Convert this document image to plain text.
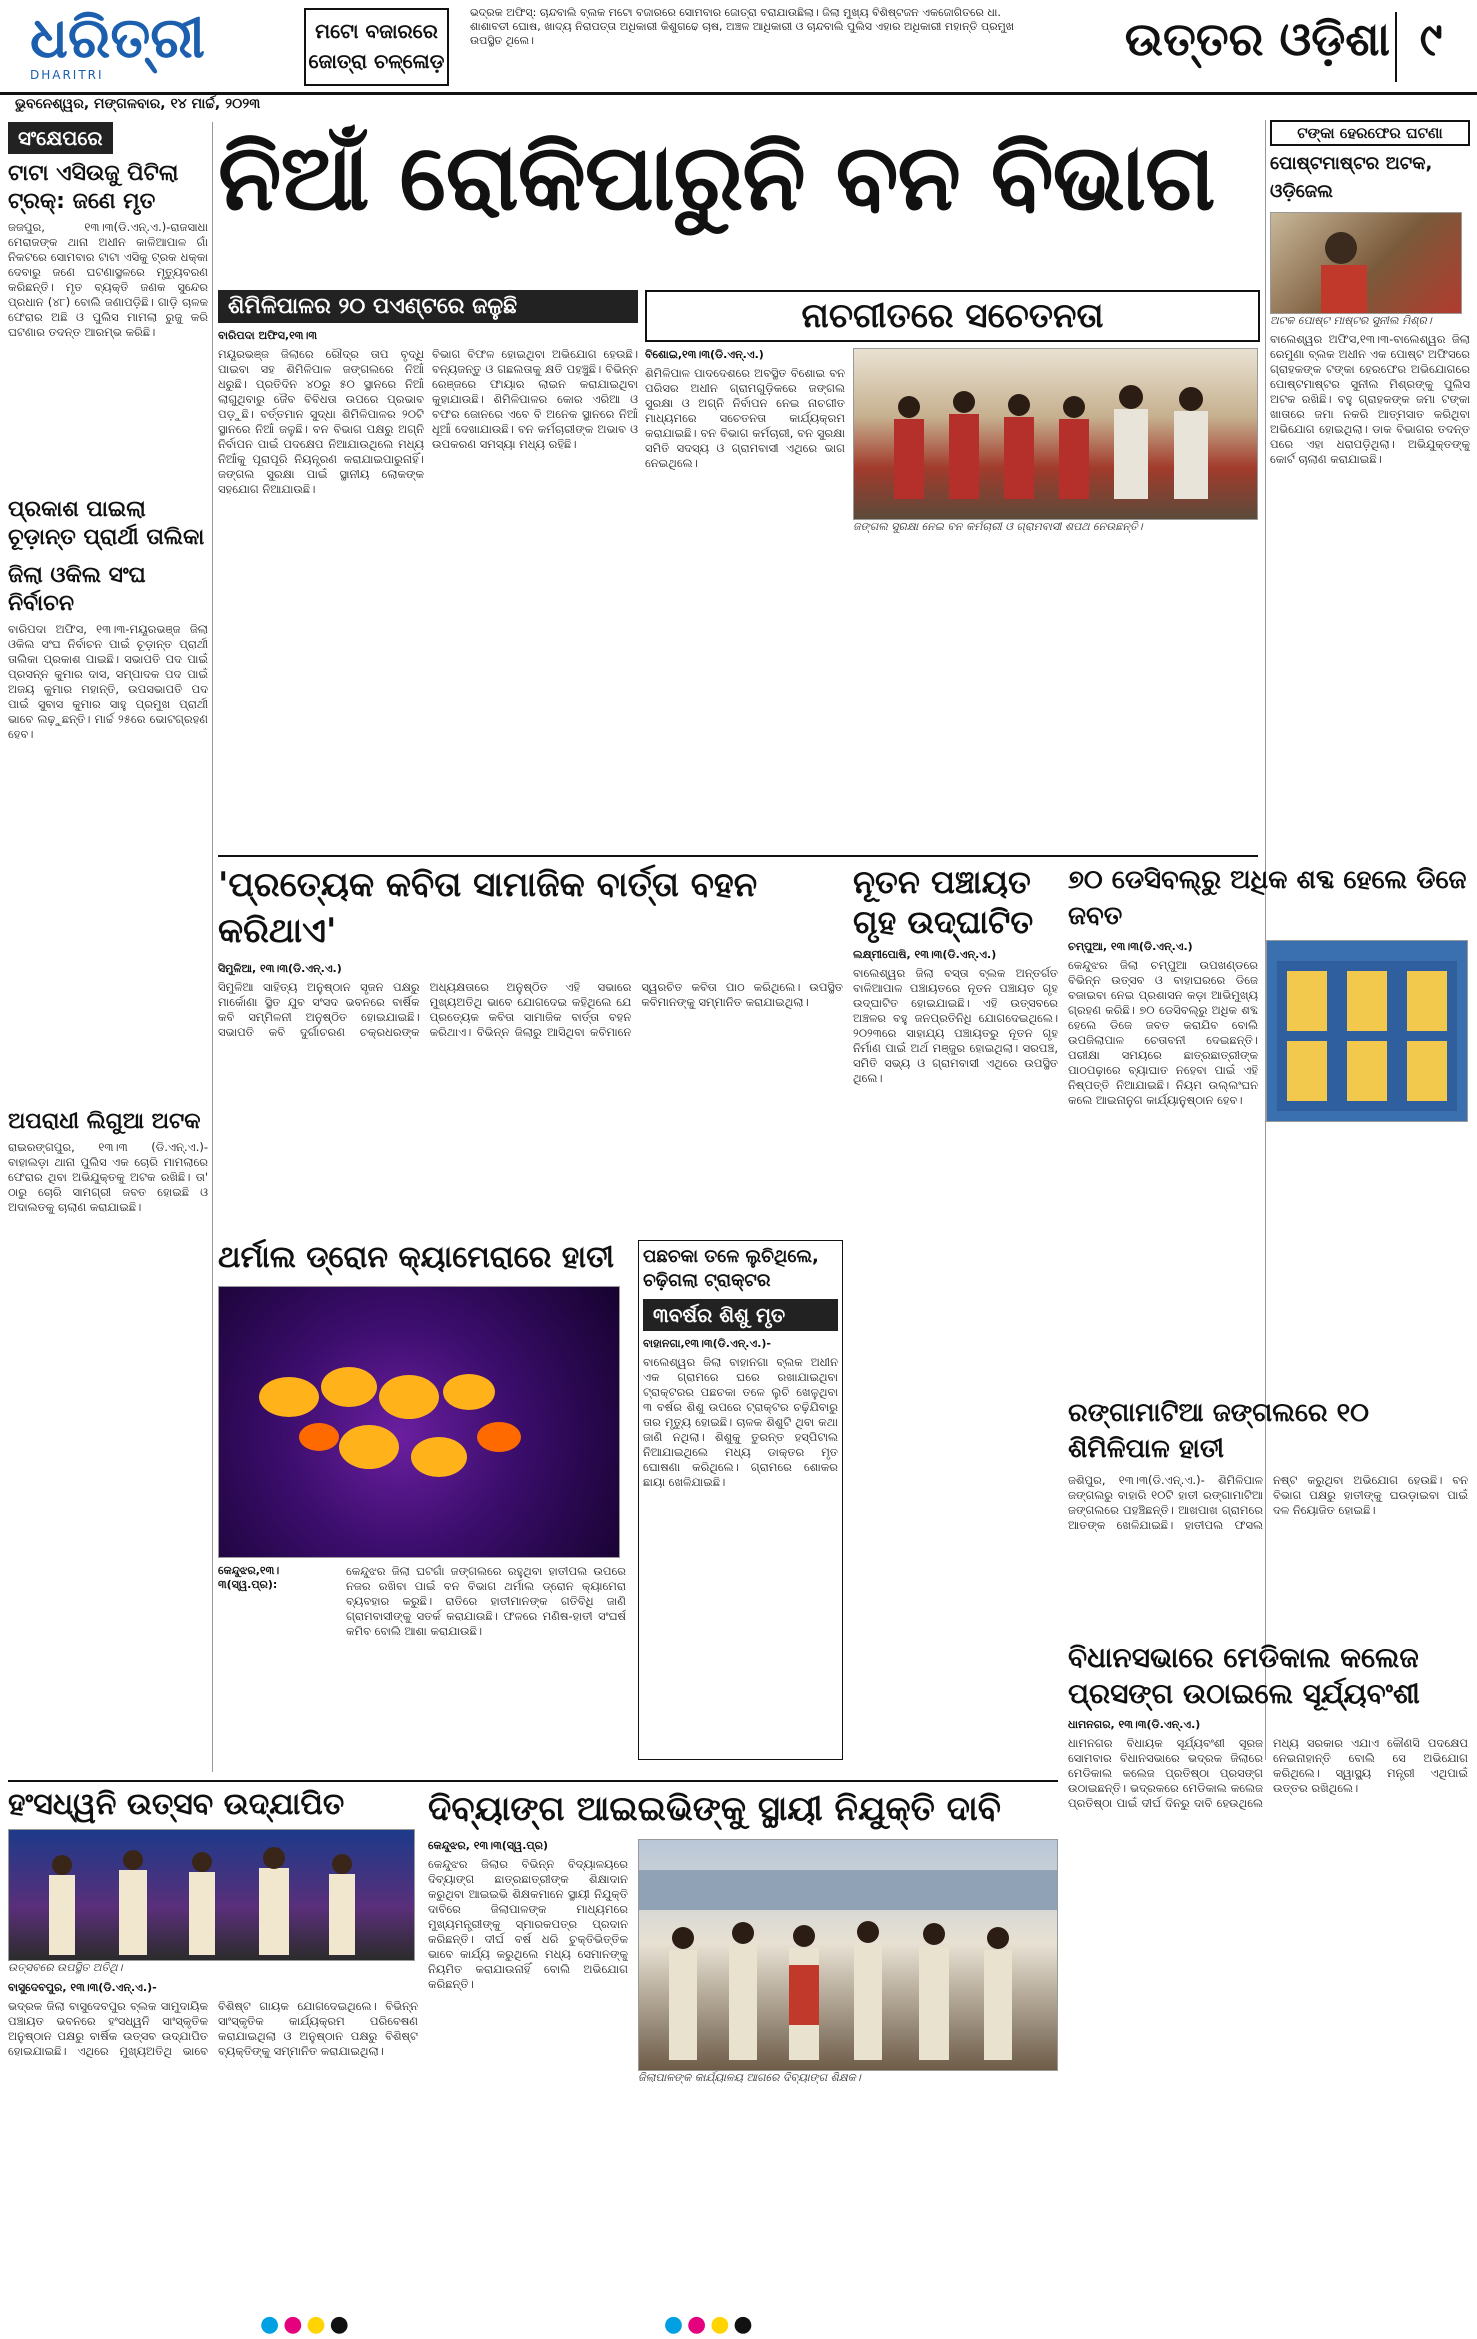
ଧରିତ୍ରୀ
DHARITRI
ମଟୋ ବଜାରରେ ଜୋତ୍ରା ଚଳ୍ଳୋଡ଼
ଭଦ୍ରକ ଅଫିସ୍: ଚାନ୍ଦବାଲି ବ୍ଲକ ମଟୋ ବଜାରରେ ସୋମବାର ଜୋତ୍ରା ବରାଯାଉଛିଲା। ଜିଲା ମୁଖ୍ୟ ବିଶିଷ୍ଟଜନ ଏକଜୋଗିତରେ ଧା. ଶାଶାବତୀ ଘୋଷ, ଖାଦ୍ୟ ନିରାପତ୍ତା ଅଧିକାରୀ କିଶୁଗଢେ ଚାଷ, ଅଞ୍ଚଳ ଆଧିକାରୀ ଓ ଚାନ୍ଦବାଲି ପୁଲିସ ଏହାର ଅଧିକାରୀ ମହାନ୍ତି ପ୍ରମୁଖ ଉପସ୍ଥିତ ଥିଲେ।	ଉତ୍ତର ଓଡ଼ିଶା ୯
ଭୁବନେଶ୍ୱର, ମଙ୍ଗଳବାର, ୧୪ ମାର୍ଚ୍ଚ, ୨୦୨୩
ସଂକ୍ଷେପରେ
ଟାଟା ଏସିଉଜୁ ପିଟିଲା ଟ୍ରକ୍: ଜଣେ ମୃତ
ଜଜପୁର, ୧୩।୩(ଡି.ଏନ୍.ଏ.)-ରାଜସାଧା ମେରାଜଙ୍କ ଥାନା ଅଧୀନ କାଳିଆପାଳ ଗାଁ ନିକଟରେ ସୋମବାର ଟାଟା ଏସିକୁ ଟ୍ରକ ଧକ୍କା ଦେବାରୁ ଜଣେ ଘଟଣାସ୍ଥଳରେ ମୃତ୍ୟୁବରଣ କରିଛନ୍ତି। ମୃତ ବ୍ୟକ୍ତି ଜଣକ ସୁନ୍ଦେର ପ୍ରଧାନ (୪୮) ବୋଲି ଜଣାପଡ଼ିଛି। ଗାଡ଼ି ଚାଳକ ଫେରାର ଅଛି ଓ ପୁଲିସ ମାମଲା ରୁଜୁ କରି ଘଟଣାର ତଦନ୍ତ ଆରମ୍ଭ କରିଛି।
ପ୍ରକାଶ ପାଇଲା ଚୂଡ଼ାନ୍ତ ପ୍ରାର୍ଥୀ ତାଲିକା
ଜିଲା ଓକିଲ ସଂଘ ନିର୍ବାଚନ
ବାରିପଦା ଅଫିସ, ୧୩।୩-ମୟୂରଭଞ୍ଜ ଜିଲା ଓକିଲ ସଂଘ ନିର୍ବାଚନ ପାଇଁ ଚୂଡ଼ାନ୍ତ ପ୍ରାର୍ଥୀ ତାଲିକା ପ୍ରକାଶ ପାଇଛି। ସଭାପତି ପଦ ପାଇଁ ପ୍ରସନ୍ନ କୁମାର ଦାସ, ସମ୍ପାଦକ ପଦ ପାଇଁ ଅଜୟ କୁମାର ମହାନ୍ତି, ଉପସଭାପତି ପଦ ପାଇଁ ସୁବାସ କୁମାର ସାହୁ ପ୍ରମୁଖ ପ୍ରାର୍ଥୀ ଭାବେ ଲଢ଼ୁଛନ୍ତି। ମାର୍ଚ୍ଚ ୨୫ରେ ଭୋଟଗ୍ରହଣ ହେବ।
ଅପରାଧୀ ଲିଗୁଆ ଅଟକ
ରାଇରଙ୍ଗପୁର, ୧୩।୩ (ଡି.ଏନ୍.ଏ.)-ବାହାଲଡ଼ା ଥାନା ପୁଲିସ ଏକ ଚୋରି ମାମଲାରେ ଫେରାର ଥିବା ଅଭିଯୁକ୍ତକୁ ଅଟକ ରଖିଛି। ତା' ଠାରୁ ଚୋରି ସାମଗ୍ରୀ ଜବତ ହୋଇଛି ଓ ଅଦାଲତକୁ ଚାଲାଣ କରାଯାଇଛି।
ନିଆଁ ରୋକିପାରୁନି ବନ ବିଭାଗ	ଟଙ୍କା ହେରଫେର ଘଟଣା
ପୋଷ୍ଟମାଷ୍ଟର ଅଟକ, ଓଡ଼ିଜେଲ
ଅଟକ ପୋଷ୍ଟ ମାଷ୍ଟର ସୁନୀଲ ମିଶ୍ର।
ବାଲେଶ୍ୱର ଅଫିସ,୧୩।୩-ବାଲେଶ୍ୱର ଜିଲା ରେମୁଣା ବ୍ଲକ ଅଧୀନ ଏକ ପୋଷ୍ଟ ଅଫିସରେ ଗ୍ରାହକଙ୍କ ଟଙ୍କା ହେରଫେର ଅଭିଯୋଗରେ ପୋଷ୍ଟମାଷ୍ଟର ସୁନୀଲ ମିଶ୍ରଙ୍କୁ ପୁଲିସ ଅଟକ ରଖିଛି। ବହୁ ଗ୍ରାହକଙ୍କ ଜମା ଟଙ୍କା ଖାତାରେ ଜମା ନକରି ଆତ୍ମସାତ କରିଥିବା ଅଭିଯୋଗ ହୋଇଥିଲା। ଡାକ ବିଭାଗର ତଦନ୍ତ ପରେ ଏହା ଧରାପଡ଼ିଥିଲା। ଅଭିଯୁକ୍ତଙ୍କୁ କୋର୍ଟ ଚାଲାଣ କରାଯାଇଛି।
ଶିମିଳିପାଳର ୨୦ ପଏଣ୍ଟରେ ଜଳୁଛି
ବାରିପଦା ଅଫିସ,୧୩।୩
ମୟୂରଭଞ୍ଜ ଜିଲାରେ ରୌଦ୍ର ତାପ ବୃଦ୍ଧି ପାଇବା ସହ ଶିମିଳିପାଳ ଜଙ୍ଗଲରେ ନିଆଁ ଧରୁଛି। ପ୍ରତିଦିନ ୪୦ରୁ ୫୦ ସ୍ଥାନରେ ନିଆଁ ଲାଗୁଥିବାରୁ ଜୈବ ବିବିଧତା ଉପରେ ପ୍ରଭାବ ପଡ଼ୁଛି। ବର୍ତ୍ତମାନ ସୁଦ୍ଧା ଶିମିଳିପାଳର ୨୦ଟି ସ୍ଥାନରେ ନିଆଁ ଜଳୁଛି। ବନ ବିଭାଗ ପକ୍ଷରୁ ଅଗ୍ନି ନିର୍ବାପନ ପାଇଁ ପଦକ୍ଷେପ ନିଆଯାଉଥିଲେ ମଧ୍ୟ ନିଆଁକୁ ପୂରାପୂରି ନିୟନ୍ତ୍ରଣ କରାଯାଇପାରୁନାହିଁ। ଜଙ୍ଗଲ ସୁରକ୍ଷା ପାଇଁ ସ୍ଥାନୀୟ ଲୋକଙ୍କ ସହଯୋଗ ନିଆଯାଉଛି।
ବିଭାଗ ବିଫଳ ହୋଇଥିବା ଅଭିଯୋଗ ହେଉଛି। ବନ୍ୟଜନ୍ତୁ ଓ ଗଛଲତାକୁ କ୍ଷତି ପହଞ୍ଚୁଛି। ବିଭିନ୍ନ ରେଞ୍ଜରେ ଫାୟାର ଲାଇନ କରାଯାଇଥିବା କୁହାଯାଉଛି। ଶିମିଳିପାଳର କୋର ଏରିଆ ଓ ବଫର ଜୋନରେ ଏବେ ବି ଅନେକ ସ୍ଥାନରେ ନିଆଁ ଧୂଆଁ ଦେଖାଯାଉଛି। ବନ କର୍ମଚାରୀଙ୍କ ଅଭାବ ଓ ଉପକରଣ ସମସ୍ୟା ମଧ୍ୟ ରହିଛି।
ନାଚଗୀତରେ ସଚେତନତା
ବିଶୋଇ,୧୩।୩(ଡି.ଏନ୍.ଏ.)
ଶିମିଳିପାଳ ପାଦଦେଶରେ ଅବସ୍ଥିତ ବିଶୋଇ ବନ ପରିସର ଅଧୀନ ଗ୍ରାମଗୁଡ଼ିକରେ ଜଙ୍ଗଲ ସୁରକ୍ଷା ଓ ଅଗ୍ନି ନିର୍ବାପନ ନେଇ ନାଚଗୀତ ମାଧ୍ୟମରେ ସଚେତନତା କାର୍ଯ୍ୟକ୍ରମ କରାଯାଇଛି। ବନ ବିଭାଗ କର୍ମଚାରୀ, ବନ ସୁରକ୍ଷା ସମିତି ସଦସ୍ୟ ଓ ଗ୍ରାମବାସୀ ଏଥିରେ ଭାଗ ନେଇଥିଲେ।
ଜଙ୍ଗଲ ସୁରକ୍ଷା ନେଇ ବନ କର୍ମଚାରୀ ଓ ଗ୍ରାମବାସୀ ଶପଥ ନେଉଛନ୍ତି।
'ପ୍ରତ୍ୟେକ କବିତା ସାମାଜିକ ବାର୍ତ୍ତା ବହନ କରିଥାଏ'
ସିମୁଳିଆ, ୧୩।୩(ଡି.ଏନ୍.ଏ.)
ସିମୁଳିଆ ସାହିତ୍ୟ ଅନୁଷ୍ଠାନ ସୃଜନ ପକ୍ଷରୁ ମାର୍କୋଣା ସ୍ଥିତ ଯୁବ ସଂସଦ ଭବନରେ ବାର୍ଷିକ କବି ସମ୍ମିଳନୀ ଅନୁଷ୍ଠିତ ହୋଇଯାଇଛି। ସଭାପତି କବି ଦୁର୍ଗାଚରଣ ଚକ୍ରଧରଙ୍କ ଅଧ୍ୟକ୍ଷତାରେ ଅନୁଷ୍ଠିତ ଏହି ସଭାରେ ମୁଖ୍ୟଅତିଥି ଭାବେ ଯୋଗଦେଇ କହିଥିଲେ ଯେ ପ୍ରତ୍ୟେକ କବିତା ସାମାଜିକ ବାର୍ତ୍ତା ବହନ କରିଥାଏ। ବିଭିନ୍ନ ଜିଲାରୁ ଆସିଥିବା କବିମାନେ ସ୍ୱରଚିତ କବିତା ପାଠ କରିଥିଲେ। ଉପସ୍ଥିତ କବିମାନଙ୍କୁ ସମ୍ମାନିତ କରାଯାଇଥିଲା।
ନୂତନ ପଞ୍ଚାୟତ ଗୃହ ଉଦ୍‌ଘାଟିତ
ଲକ୍ଷ୍ମୀପୋଷି, ୧୩।୩(ଡି.ଏନ୍.ଏ.)
ବାଲେଶ୍ୱର ଜିଲା ବସ୍ତା ବ୍ଲକ ଅନ୍ତର୍ଗତ ବାଳିଆପାଳ ପଞ୍ଚାୟତରେ ନୂତନ ପଞ୍ଚାୟତ ଗୃହ ଉଦ୍‌ଘାଟିତ ହୋଇଯାଇଛି। ଏହି ଉତ୍ସବରେ ଅଞ୍ଚଳର ବହୁ ଜନପ୍ରତିନିଧି ଯୋଗଦେଇଥିଲେ। ୨୦୨୩ରେ ସାହାଯ୍ୟ ପଞ୍ଚାୟତରୁ ନୂତନ ଗୃହ ନିର୍ମାଣ ପାଇଁ ଅର୍ଥ ମଞ୍ଜୁର ହୋଇଥିଲା। ସରପଞ୍ଚ, ସମିତି ସଭ୍ୟ ଓ ଗ୍ରାମବାସୀ ଏଥିରେ ଉପସ୍ଥିତ ଥିଲେ।
୭୦ ଡେସିବଲ୍‌ରୁ ଅଧିକ ଶବ୍ଦ ହେଲେ ଡିଜେ ଜବତ
ଚମ୍ପୁଆ, ୧୩।୩(ଡି.ଏନ୍.ଏ.)
କେନ୍ଦୁଝର ଜିଲା ଚମ୍ପୁଆ ଉପଖଣ୍ଡରେ ବିଭିନ୍ନ ଉତ୍ସବ ଓ ବାହାଘରରେ ଡିଜେ ବଜାଇବା ନେଇ ପ୍ରଶାସନ କଡ଼ା ଆଭିମୁଖ୍ୟ ଗ୍ରହଣ କରିଛି। ୭୦ ଡେସିବଲ୍‌ରୁ ଅଧିକ ଶବ୍ଦ ହେଲେ ଡିଜେ ଜବତ କରାଯିବ ବୋଲି ଉପଜିଲାପାଳ ଚେତାବନୀ ଦେଇଛନ୍ତି। ପରୀକ୍ଷା ସମୟରେ ଛାତ୍ରଛାତ୍ରୀଙ୍କ ପାଠପଢ଼ାରେ ବ୍ୟାଘାତ ନହେବା ପାଇଁ ଏହି ନିଷ୍ପତ୍ତି ନିଆଯାଇଛି। ନିୟମ ଉଲ୍ଲଂଘନ କଲେ ଆଇନାନୁଗ କାର୍ଯ୍ୟାନୁଷ୍ଠାନ ହେବ।
ଥର୍ମାଲ ଡ୍ରୋନ କ୍ୟାମେରାରେ ହାତୀ
କେନ୍ଦୁଝର,୧୩।୩(ସ୍ୱ.ପ୍ର):
କେନ୍ଦୁଝର ଜିଲା ଘଟଗାଁ ଜଙ୍ଗଲରେ ରହୁଥିବା ହାତୀପଲ ଉପରେ ନଜର ରଖିବା ପାଇଁ ବନ ବିଭାଗ ଥର୍ମାଲ ଡ୍ରୋନ କ୍ୟାମେରା ବ୍ୟବହାର କରୁଛି। ରାତିରେ ହାତୀମାନଙ୍କ ଗତିବିଧି ଜାଣି ଗ୍ରାମବାସୀଙ୍କୁ ସତର୍କ କରାଯାଉଛି। ଫଳରେ ମଣିଷ-ହାତୀ ସଂଘର୍ଷ କମିବ ବୋଲି ଆଶା କରାଯାଉଛି।
ପଛଚକା ତଳେ ଲୁଚିଥିଲେ, ଚଢ଼ିଗଲା ଟ୍ରାକ୍ଟର
୩ବର୍ଷର ଶିଶୁ ମୃତ
ବାହାନଗା,୧୩।୩(ଡି.ଏନ୍.ଏ.)-
ବାଲେଶ୍ୱର ଜିଲା ବାହାନଗା ବ୍ଲକ ଅଧୀନ ଏକ ଗ୍ରାମରେ ଘରେ ରଖାଯାଇଥିବା ଟ୍ରାକ୍ଟରର ପଛଚକା ତଳେ ଲୁଚି ଖେଳୁଥିବା ୩ ବର୍ଷର ଶିଶୁ ଉପରେ ଟ୍ରାକ୍ଟର ଚଢ଼ିଯିବାରୁ ତାର ମୃତ୍ୟୁ ହୋଇଛି। ଚାଳକ ଶିଶୁଟି ଥିବା କଥା ଜାଣି ନଥିଲା। ଶିଶୁକୁ ତୁରନ୍ତ ହସ୍ପିଟାଲ ନିଆଯାଇଥିଲେ ମଧ୍ୟ ଡାକ୍ତର ମୃତ ଘୋଷଣା କରିଥିଲେ। ଗ୍ରାମରେ ଶୋକର ଛାୟା ଖେଳିଯାଇଛି।
ରଙ୍ଗାମାଟିଆ ଜଙ୍ଗଲରେ ୧୦ ଶିମିଳିପାଳ ହାତୀ
ଜଶିପୁର, ୧୩।୩(ଡି.ଏନ୍.ଏ.)- ଶିମିଳିପାଳ ଜଙ୍ଗଲରୁ ବାହାରି ୧୦ଟି ହାତୀ ରଙ୍ଗାମାଟିଆ ଜଙ୍ଗଲରେ ପହଞ୍ଚିଛନ୍ତି। ଆଖପାଖ ଗ୍ରାମରେ ଆତଙ୍କ ଖେଳିଯାଇଛି। ହାତୀପଲ ଫସଲ ନଷ୍ଟ କରୁଥିବା ଅଭିଯୋଗ ହେଉଛି। ବନ ବିଭାଗ ପକ୍ଷରୁ ହାତୀଙ୍କୁ ଘଉଡ଼ାଇବା ପାଇଁ ଦଳ ନିୟୋଜିତ ହୋଇଛି।
ବିଧାନସଭାରେ ମେଡିକାଲ କଲେଜ ପ୍ରସଙ୍ଗ ଉଠାଇଲେ ସୂର୍ଯ୍ୟବଂଶୀ
ଧାମନଗର, ୧୩।୩(ଡି.ଏନ୍.ଏ.)
ଧାମନଗର ବିଧାୟକ ସୂର୍ଯ୍ୟବଂଶୀ ସୂରଜ ସୋମବାର ବିଧାନସଭାରେ ଭଦ୍ରକ ଜିଲାରେ ମେଡିକାଲ କଲେଜ ପ୍ରତିଷ୍ଠା ପ୍ରସଙ୍ଗ ଉଠାଇଛନ୍ତି। ଭଦ୍ରକରେ ମେଡିକାଲ କଲେଜ ପ୍ରତିଷ୍ଠା ପାଇଁ ଦୀର୍ଘ ଦିନରୁ ଦାବି ହେଉଥିଲେ ମଧ୍ୟ ସରକାର ଏଯାଏ କୌଣସି ପଦକ୍ଷେପ ନେଇନାହାନ୍ତି ବୋଲି ସେ ଅଭିଯୋଗ କରିଥିଲେ। ସ୍ୱାସ୍ଥ୍ୟ ମନ୍ତ୍ରୀ ଏଥିପାଇଁ ଉତ୍ତର ରଖିଥିଲେ।
ହଂସଧ୍ୱନି ଉତ୍ସବ ଉଦ୍‌ଯାପିତ
ଉତ୍ସବରେ ଉପସ୍ଥିତ ଅତିଥି।
ବାସୁଦେବପୁର, ୧୩।୩(ଡି.ଏନ୍.ଏ.)-
ଭଦ୍ରକ ଜିଲା ବାସୁଦେବପୁର ବ୍ଲକ ସାମୁଦାୟିକ ପଞ୍ଚାୟତ ଭବନରେ ହଂସଧ୍ୱନି ସାଂସ୍କୃତିକ ଅନୁଷ୍ଠାନ ପକ୍ଷରୁ ବାର୍ଷିକ ଉତ୍ସବ ଉଦ୍‌ଯାପିତ ହୋଇଯାଇଛି। ଏଥିରେ ମୁଖ୍ୟଅତିଥି ଭାବେ ବିଶିଷ୍ଟ ଗାୟକ ଯୋଗଦେଇଥିଲେ। ବିଭିନ୍ନ ସାଂସ୍କୃତିକ କାର୍ଯ୍ୟକ୍ରମ ପରିବେଷଣ କରାଯାଇଥିଲା ଓ ଅନୁଷ୍ଠାନ ପକ୍ଷରୁ ବିଶିଷ୍ଟ ବ୍ୟକ୍ତିଙ୍କୁ ସମ୍ମାନିତ କରାଯାଇଥିଲା।
ଦିବ୍ୟାଙ୍ଗ ଆଇଇଭିଙ୍କୁ ସ୍ଥାୟୀ ନିଯୁକ୍ତି ଦାବି
କେନ୍ଦୁଝର, ୧୩।୩(ସ୍ୱ.ପ୍ର)
କେନ୍ଦୁଝର ଜିଲାର ବିଭିନ୍ନ ବିଦ୍ୟାଳୟରେ ଦିବ୍ୟାଙ୍ଗ ଛାତ୍ରଛାତ୍ରୀଙ୍କ ଶିକ୍ଷାଦାନ କରୁଥିବା ଆଇଇଭି ଶିକ୍ଷକମାନେ ସ୍ଥାୟୀ ନିଯୁକ୍ତି ଦାବିରେ ଜିଲାପାଳଙ୍କ ମାଧ୍ୟମରେ ମୁଖ୍ୟମନ୍ତ୍ରୀଙ୍କୁ ସ୍ମାରକପତ୍ର ପ୍ରଦାନ କରିଛନ୍ତି। ଦୀର୍ଘ ବର୍ଷ ଧରି ଚୁକ୍ତିଭିତ୍ତିକ ଭାବେ କାର୍ଯ୍ୟ କରୁଥିଲେ ମଧ୍ୟ ସେମାନଙ୍କୁ ନିୟମିତ କରାଯାଉନାହିଁ ବୋଲି ଅଭିଯୋଗ କରିଛନ୍ତି।
ଜିଲାପାଳଙ୍କ କାର୍ଯ୍ୟାଳୟ ଆଗରେ ଦିବ୍ୟାଙ୍ଗ ଶିକ୍ଷକ।
●●●●	●●●●
